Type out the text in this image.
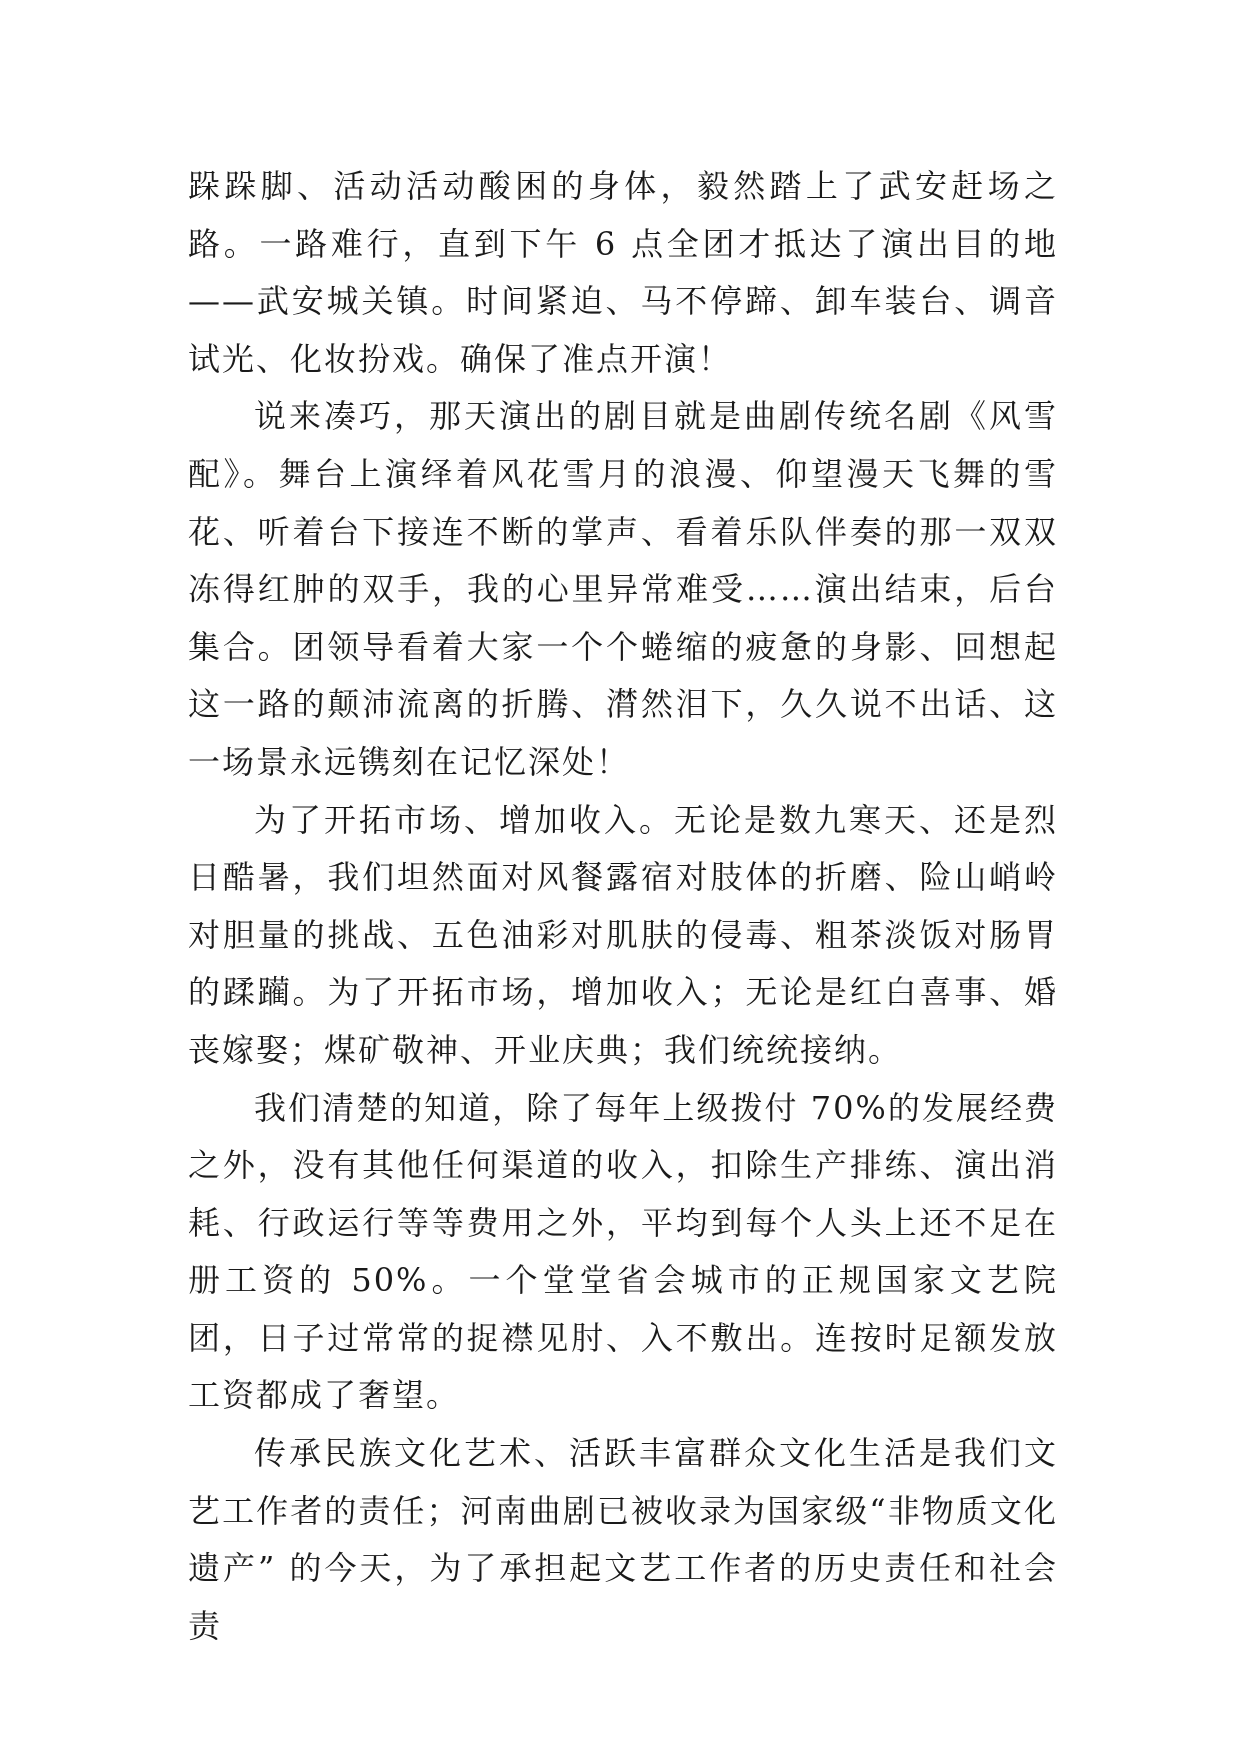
跺跺脚、活动活动酸困的身体，毅然踏上了武安赶场之路。一路难行，直到下午 6 点全团才抵达了演出目的地——武安城关镇。时间紧迫、马不停蹄、卸车装台、调音试光、化妆扮戏。确保了准点开演！

说来凑巧，那天演出的剧目就是曲剧传统名剧《风雪配》。舞台上演绎着风花雪月的浪漫、仰望漫天飞舞的雪花、听着台下接连不断的掌声、看着乐队伴奏的那一双双冻得红肿的双手，我的心里异常难受……演出结束，后台集合。团领导看着大家一个个蜷缩的疲惫的身影、回想起这一路的颠沛流离的折腾、潸然泪下，久久说不出话、这一场景永远镌刻在记忆深处！

为了开拓市场、增加收入。无论是数九寒天、还是烈日酷暑，我们坦然面对风餐露宿对肢体的折磨、险山峭岭对胆量的挑战、五色油彩对肌肤的侵毒、粗茶淡饭对肠胃的蹂躏。为了开拓市场，增加收入；无论是红白喜事、婚丧嫁娶；煤矿敬神、开业庆典；我们统统接纳。

我们清楚的知道，除了每年上级拨付 70%的发展经费之外，没有其他任何渠道的收入，扣除生产排练、演出消耗、行政运行等等费用之外，平均到每个人头上还不足在册工资的 50%。一个堂堂省会城市的正规国家文艺院团，日子过常常的捉襟见肘、入不敷出。连按时足额发放工资都成了奢望。

传承民族文化艺术、活跃丰富群众文化生活是我们文艺工作者的责任；河南曲剧已被收录为国家级“非物质文化遗产” 的今天，为了承担起文艺工作者的历史责任和社会责
